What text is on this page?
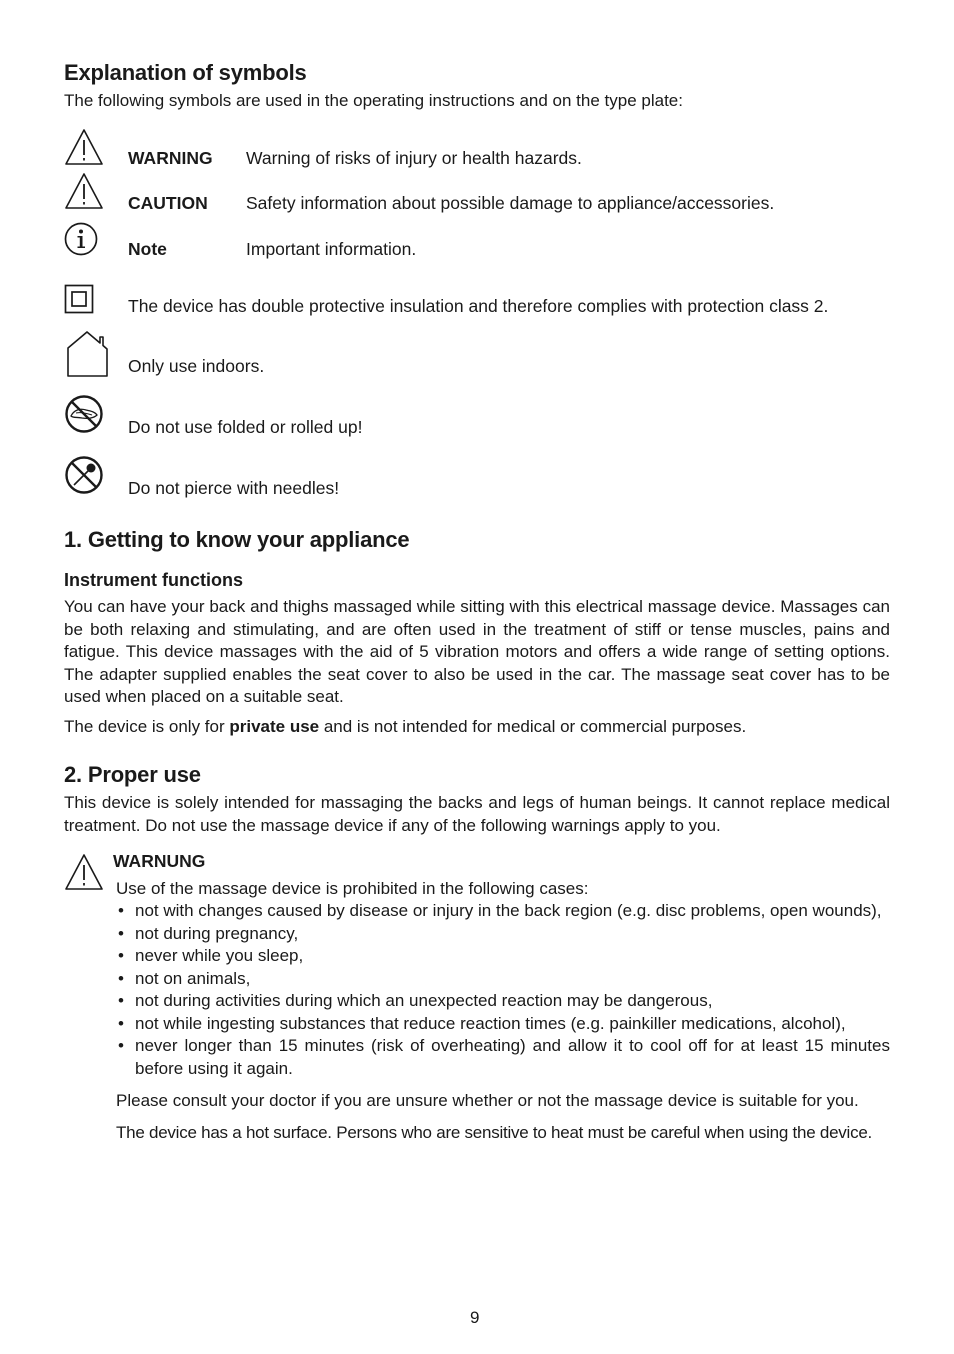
Explanation of symbols

The following symbols are used in the operating instructions and on the type plate:

WARNING Warning of risks of injury or health hazards.
CAUTION Safety information about possible damage to appliance/accessories.
Note	Important information.
The device has double protective insulation and therefore complies with protection class 2.
Only use indoors.
Do not use folded or rolled up!
Do not pierce with needles!
1. Getting to know your appliance
Instrument functions

You can have your back and thighs massaged while sitting with this electrical massage device. Massages can be both relaxing and stimulating, and are often used in the treatment of stiff or tense muscles, pains and fatigue. This device massages with the aid of 5 vibration motors and offers a wide range of setting options. The adapter supplied enables the seat cover to also be used in the car. The massage seat cover has to be used when placed on a suitable seat.

The device is only for private use and is not intended for medical or commercial purposes.

2. Proper use

This device is solely intended for massaging the backs and legs of human beings. It cannot replace medical treatment. Do not use the massage device if any of the following warnings apply to you.

WARNUNG
Use of the massage device is prohibited in the following cases:
• not with changes caused by disease or injury in the back region (e.g. disc problems, open wounds),
• not during pregnancy,
• never while you sleep,
• not on animals,
• not during activities during which an unexpected reaction may be dangerous,
• not while ingesting substances that reduce reaction times (e.g. painkiller medications, alcohol),
• never longer than 15 minutes (risk of overheating) and allow it to cool off for at least 15 minutes before using it again.

Please consult your doctor if you are unsure whether or not the massage device is suitable for you.

The device has a hot surface. Persons who are sensitive to heat must be careful when using the device.

9
